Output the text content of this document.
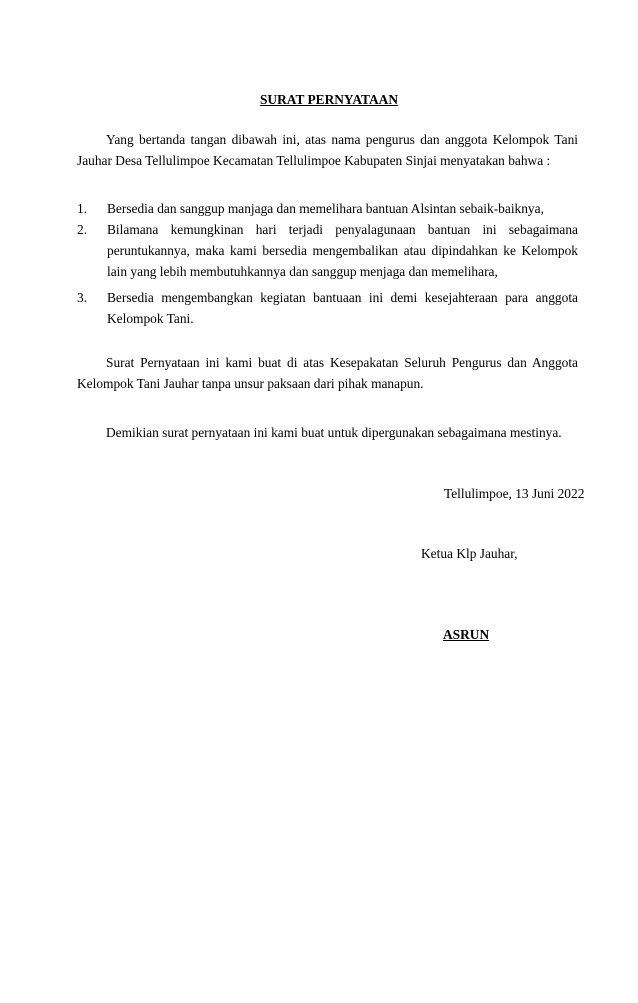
SURAT PERNYATAAN
Yang bertanda tangan dibawah ini, atas nama pengurus dan anggota Kelompok Tani Jauhar Desa Tellulimpoe Kecamatan Tellulimpoe Kabupaten Sinjai menyatakan bahwa :
1.	Bersedia dan sanggup manjaga dan memelihara bantuan Alsintan sebaik-baiknya,
2.	Bilamana kemungkinan hari terjadi penyalagunaan bantuan ini sebagaimana peruntukannya, maka kami bersedia mengembalikan atau dipindahkan ke Kelompok lain yang lebih membutuhkannya dan sanggup menjaga dan memelihara,
3.	Bersedia mengembangkan kegiatan bantuaan ini demi kesejahteraan para anggota Kelompok Tani.
Surat Pernyataan ini kami buat di atas Kesepakatan Seluruh Pengurus dan Anggota Kelompok Tani Jauhar tanpa unsur paksaan dari pihak manapun.
Demikian surat pernyataan ini kami buat untuk dipergunakan sebagaimana mestinya.
Tellulimpoe, 13 Juni 2022
Ketua Klp Jauhar,
ASRUN
